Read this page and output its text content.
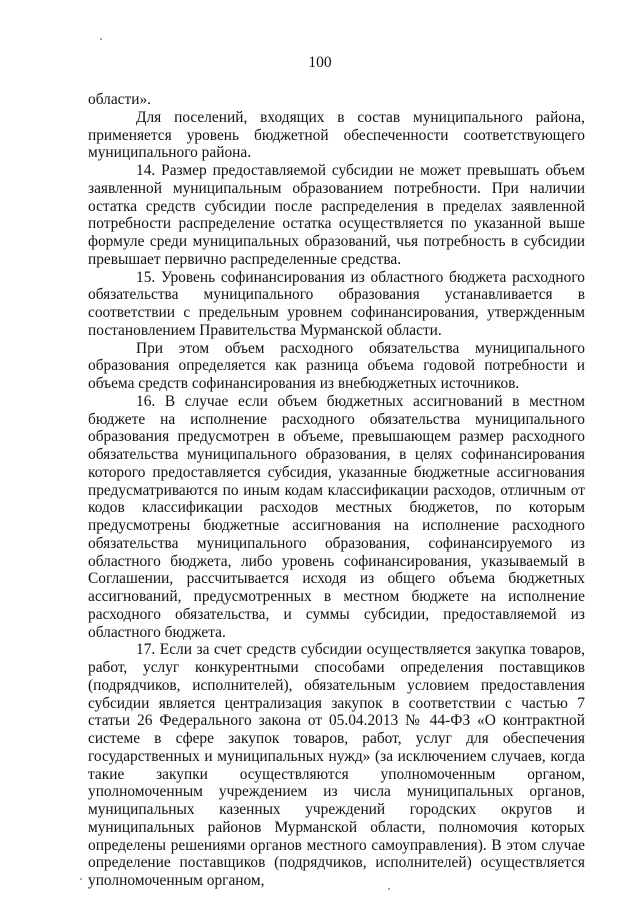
100

области».

Для поселений, входящих в состав муниципального района, применяется уровень бюджетной обеспеченности соответствующего муниципального района.

14. Размер предоставляемой субсидии не может превышать объем заявленной муниципальным образованием потребности. При наличии остатка средств субсидии после распределения в пределах заявленной потребности распределение остатка осуществляется по указанной выше формуле среди муниципальных образований, чья потребность в субсидии превышает первично распределенные средства.

15. Уровень софинансирования из областного бюджета расходного обязательства муниципального образования устанавливается в соответствии с предельным уровнем софинансирования, утвержденным постановлением Правительства Мурманской области.

При этом объем расходного обязательства муниципального образования определяется как разница объема годовой потребности и объема средств софинансирования из внебюджетных источников.

16. В случае если объем бюджетных ассигнований в местном бюджете на исполнение расходного обязательства муниципального образования предусмотрен в объеме, превышающем размер расходного обязательства муниципального образования, в целях софинансирования которого предоставляется субсидия, указанные бюджетные ассигнования предусматриваются по иным кодам классификации расходов, отличным от кодов классификации расходов местных бюджетов, по которым предусмотрены бюджетные ассигнования на исполнение расходного обязательства муниципального образования, софинансируемого из областного бюджета, либо уровень софинансирования, указываемый в Соглашении, рассчитывается исходя из общего объема бюджетных ассигнований, предусмотренных в местном бюджете на исполнение расходного обязательства, и суммы субсидии, предоставляемой из областного бюджета.

17. Если за счет средств субсидии осуществляется закупка товаров, работ, услуг конкурентными способами определения поставщиков (подрядчиков, исполнителей), обязательным условием предоставления субсидии является централизация закупок в соответствии с частью 7 статьи 26 Федерального закона от 05.04.2013 № 44-ФЗ «О контрактной системе в сфере закупок товаров, работ, услуг для обеспечения государственных и муниципальных нужд» (за исключением случаев, когда такие закупки осуществляются уполномоченным органом, уполномоченным учреждением из числа муниципальных органов, муниципальных казенных учреждений городских округов и муниципальных районов Мурманской области, полномочия которых определены решениями органов местного самоуправления). В этом случае определение поставщиков (подрядчиков, исполнителей) осуществляется уполномоченным органом,
